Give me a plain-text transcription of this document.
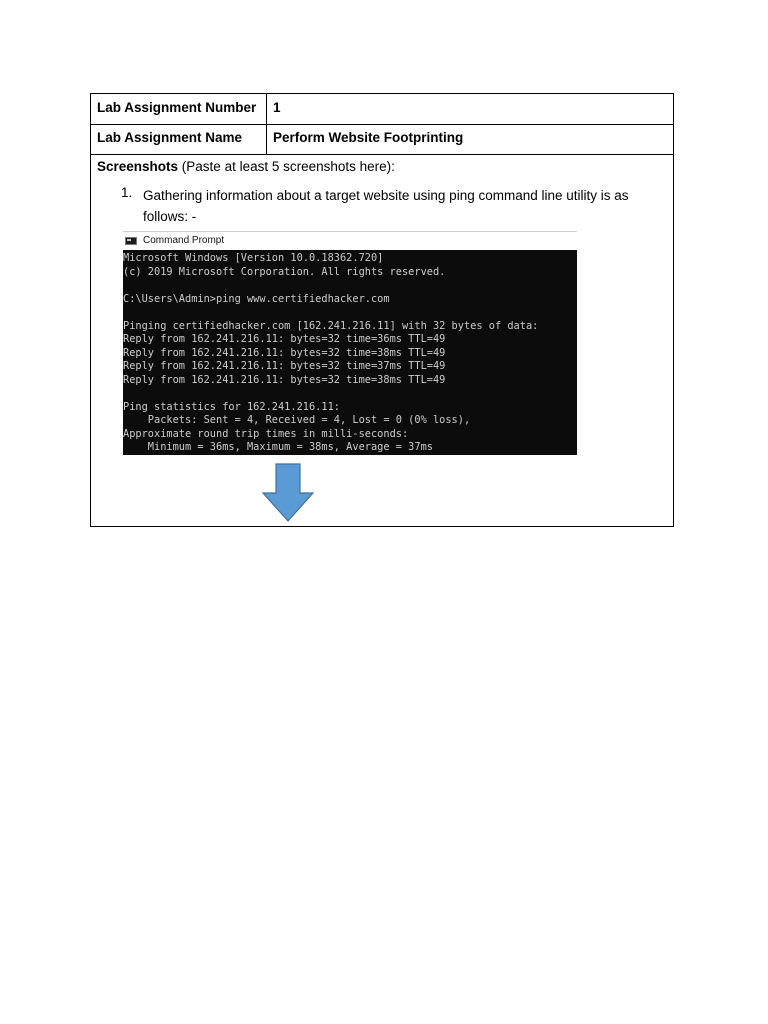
Lab Assignment Number	1
Lab Assignment Name	Perform Website Footprinting
Screenshots (Paste at least 5 screenshots here):
1. Gathering information about a target website using ping command line utility is as follows: -
Command Prompt
Microsoft Windows [Version 10.0.18362.720]
(c) 2019 Microsoft Corporation. All rights reserved.

C:\Users\Admin>ping www.certifiedhacker.com

Pinging certifiedhacker.com [162.241.216.11] with 32 bytes of data:
Reply from 162.241.216.11: bytes=32 time=36ms TTL=49
Reply from 162.241.216.11: bytes=32 time=38ms TTL=49
Reply from 162.241.216.11: bytes=32 time=37ms TTL=49
Reply from 162.241.216.11: bytes=32 time=38ms TTL=49

Ping statistics for 162.241.216.11:
Packets: Sent = 4, Received = 4, Lost = 0 (0% loss),
Approximate round trip times in milli-seconds:
Minimum = 36ms, Maximum = 38ms, Average = 37ms
